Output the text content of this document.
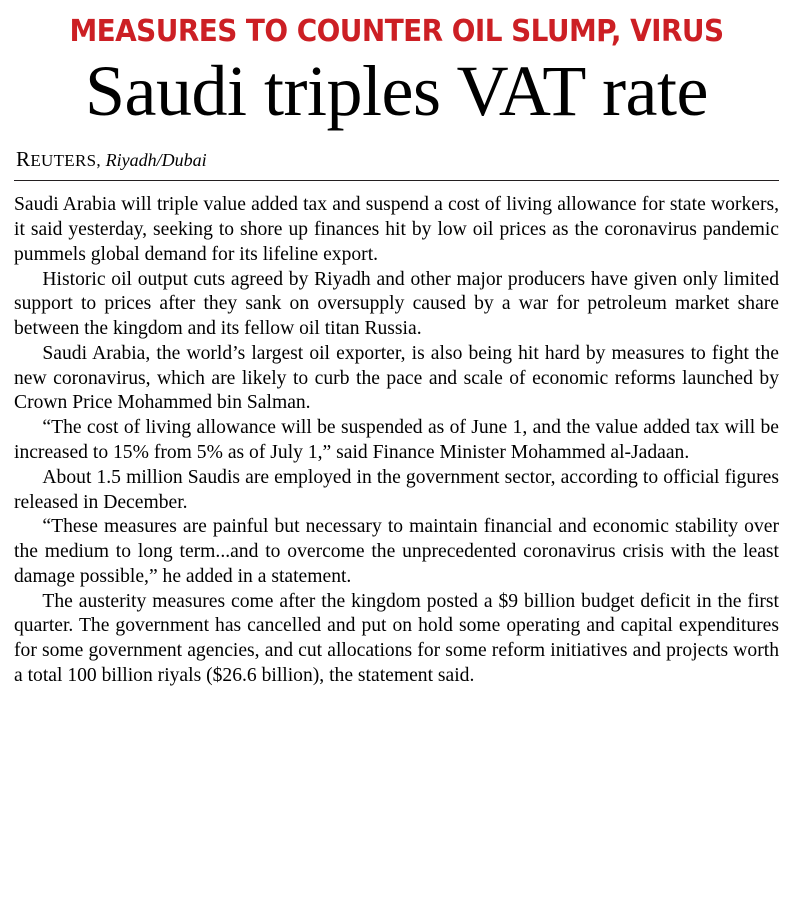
MEASURES TO COUNTER OIL SLUMP, VIRUS
Saudi triples VAT rate
REUTERS, Riyadh/Dubai

Saudi Arabia will triple value added tax and suspend a cost of living allowance for state workers, it said yesterday, seeking to shore up finances hit by low oil prices as the coronavirus pandemic pummels global demand for its lifeline export.

Historic oil output cuts agreed by Riyadh and other major producers have given only limited support to prices after they sank on oversupply caused by a war for petroleum market share between the kingdom and its fellow oil titan Russia.

Saudi Arabia, the world’s largest oil exporter, is also being hit hard by measures to fight the new coronavirus, which are likely to curb the pace and scale of economic reforms launched by Crown Price Mohammed bin Salman.

“The cost of living allowance will be suspended as of June 1, and the value added tax will be increased to 15% from 5% as of July 1,” said Finance Minister Mohammed al-Jadaan.

About 1.5 million Saudis are employed in the government sector, according to official figures released in December.

“These measures are painful but necessary to maintain financial and economic stability over the medium to long term...and to overcome the unprecedented coronavirus crisis with the least damage possible,” he added in a statement.

The austerity measures come after the kingdom posted a $9 billion budget deficit in the first quarter. The government has cancelled and put on hold some operating and capital expenditures for some government agencies, and cut allocations for some reform initiatives and projects worth a total 100 billion riyals ($26.6 billion), the statement said.
